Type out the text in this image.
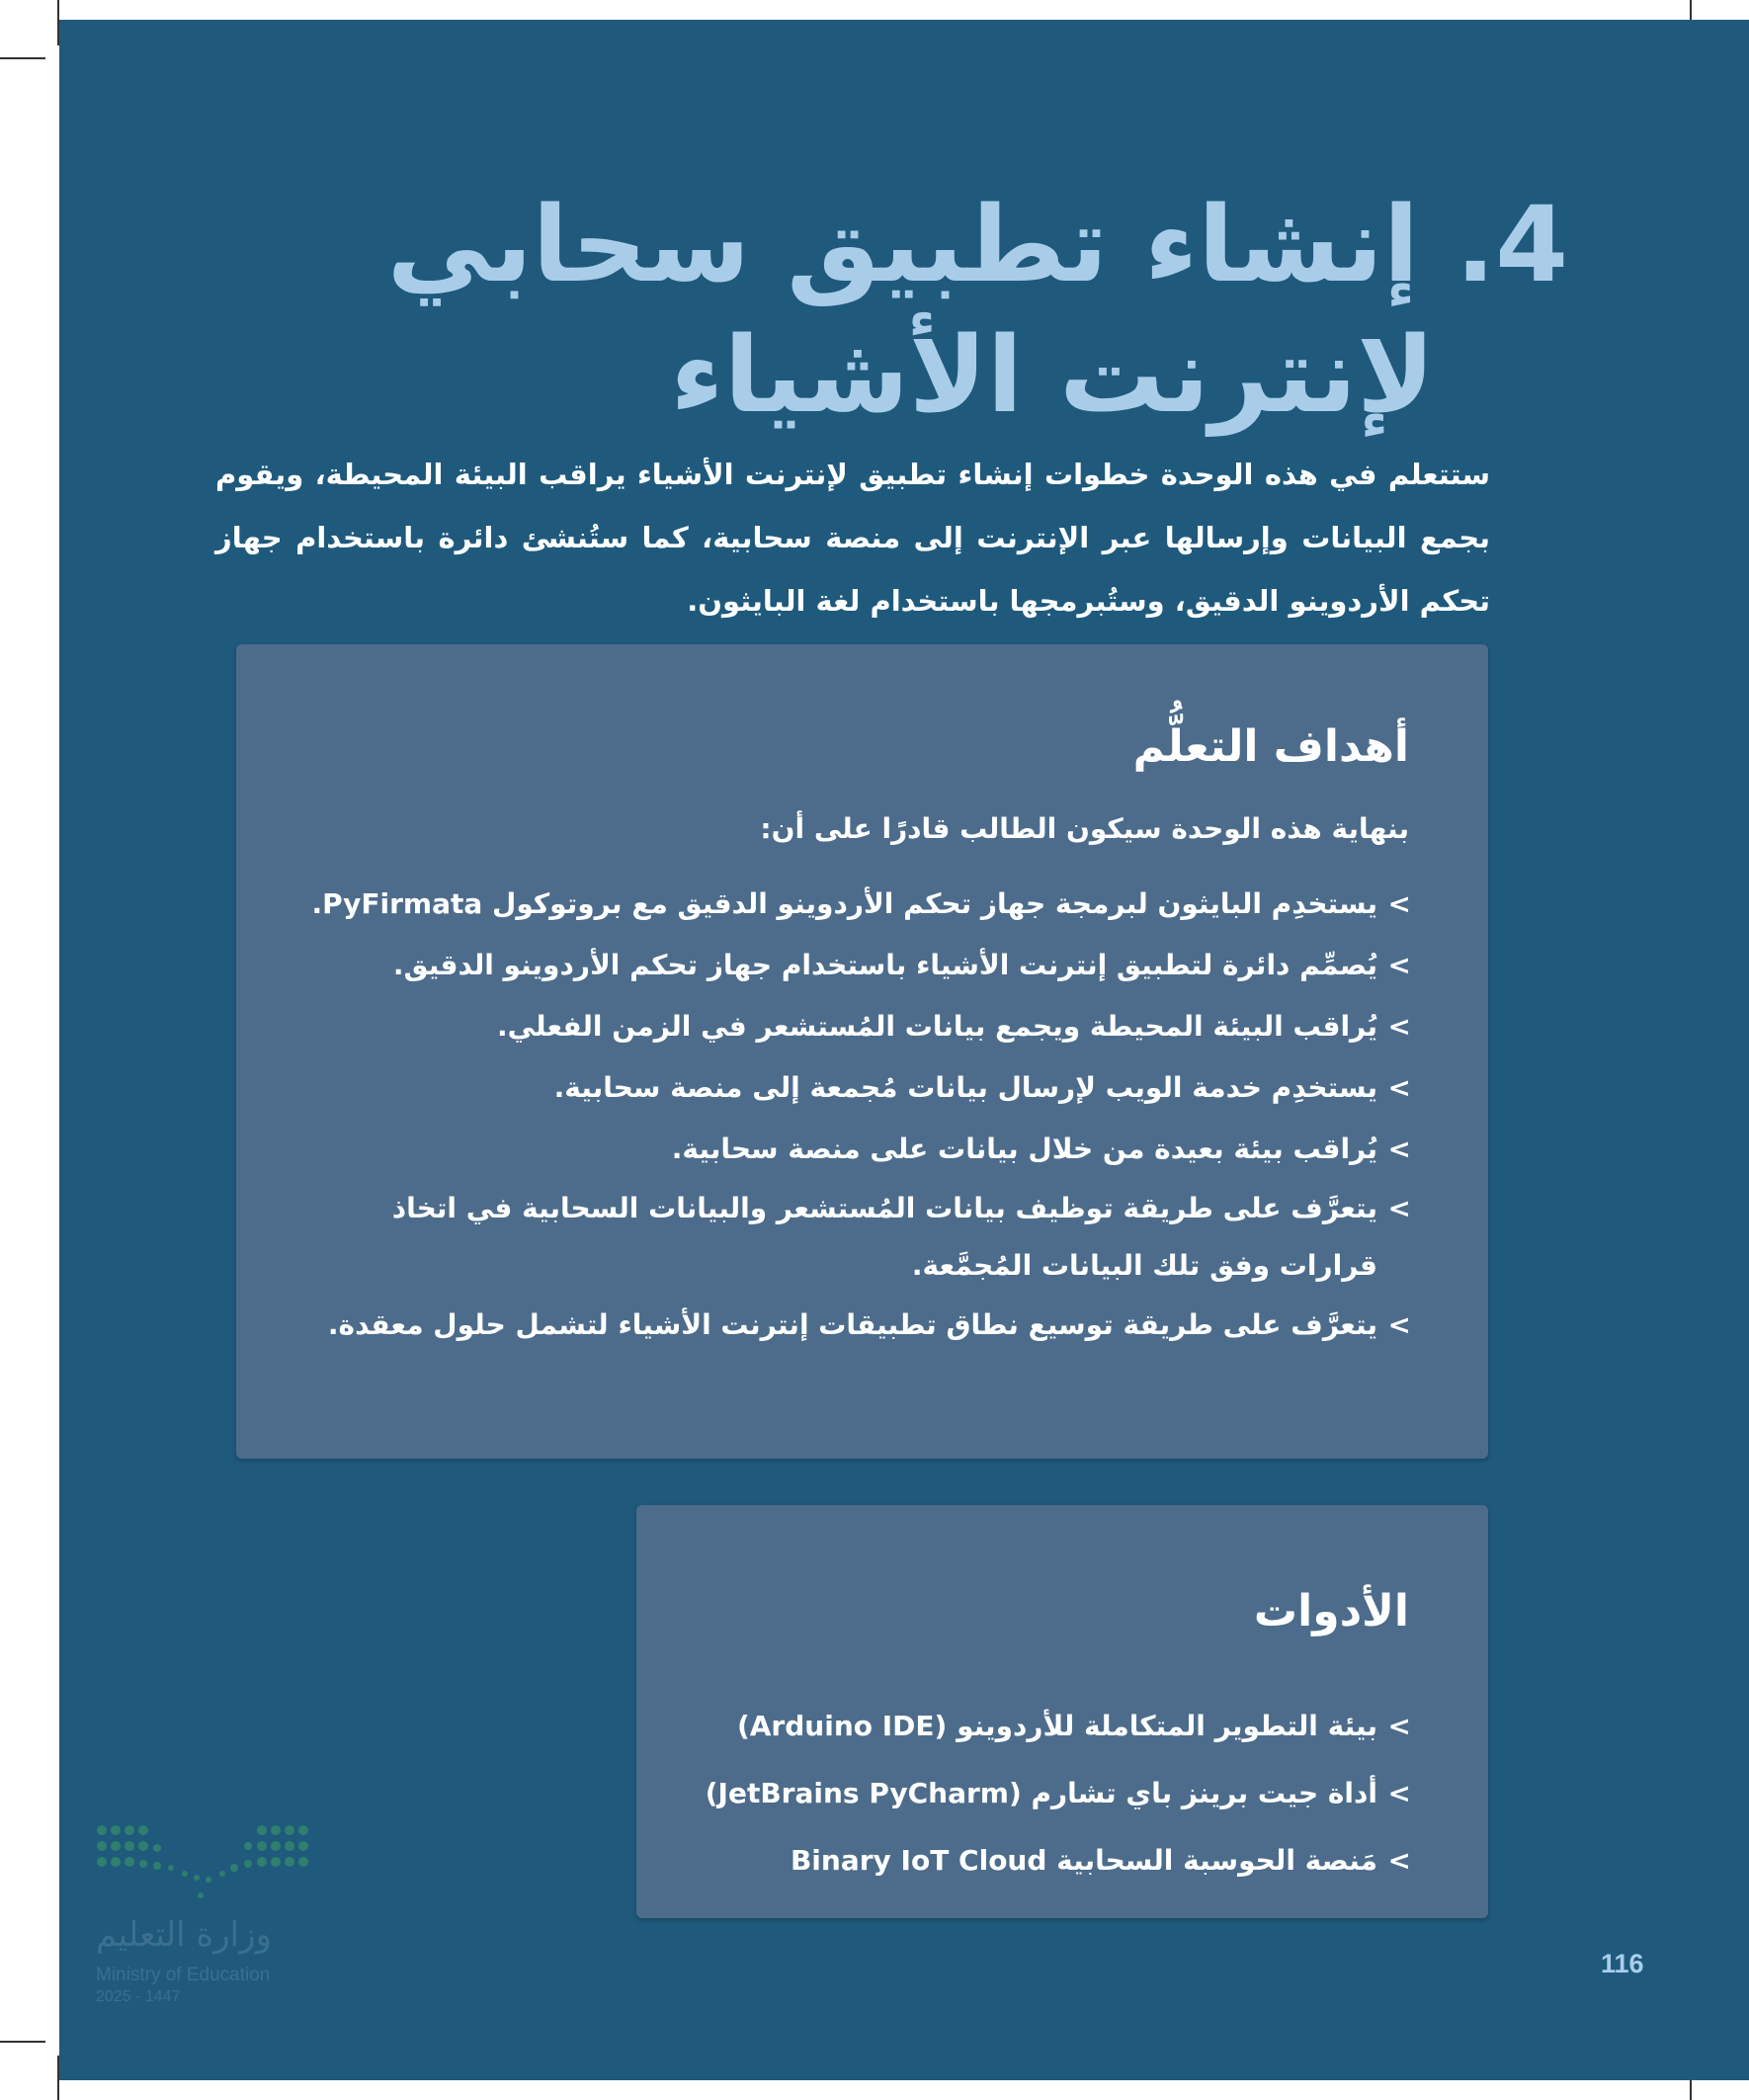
4. إنشاء تطبيق سحابي
لإنترنت الأشياء
ستتعلم في هذه الوحدة خطوات إنشاء تطبيق لإنترنت الأشياء يراقب البيئة المحيطة، ويقوم بجمع البيانات وإرسالها عبر الإنترنت إلى منصة سحابية، كما ستُنشئ دائرة باستخدام جهاز تحكم الأردوينو الدقيق، وستُبرمجها باستخدام لغة البايثون.
أهداف التعلُّم
بنهاية هذه الوحدة سيكون الطالب قادرًا على أن:
>
يستخدِم البايثون لبرمجة جهاز تحكم الأردوينو الدقيق مع بروتوكول PyFirmata.
>
يُصمِّم دائرة لتطبيق إنترنت الأشياء باستخدام جهاز تحكم الأردوينو الدقيق.
>
يُراقب البيئة المحيطة ويجمع بيانات المُستشعر في الزمن الفعلي.
>
يستخدِم خدمة الويب لإرسال بيانات مُجمعة إلى منصة سحابية.
>
يُراقب بيئة بعيدة من خلال بيانات على منصة سحابية.
>
يتعرَّف على طريقة توظيف بيانات المُستشعر والبيانات السحابية في اتخاذ قرارات وفق تلك البيانات المُجمَّعة.
>
يتعرَّف على طريقة توسيع نطاق تطبيقات إنترنت الأشياء لتشمل حلول معقدة.
الأدوات
>
بيئة التطوير المتكاملة للأردوينو (Arduino IDE)
>
أداة جيت برينز باي تشارم (JetBrains PyCharm)
>
مَنصة الحوسبة السحابية Binary IoT Cloud
وزارة التعليم
Ministry of Education
2025 - 1447
116
